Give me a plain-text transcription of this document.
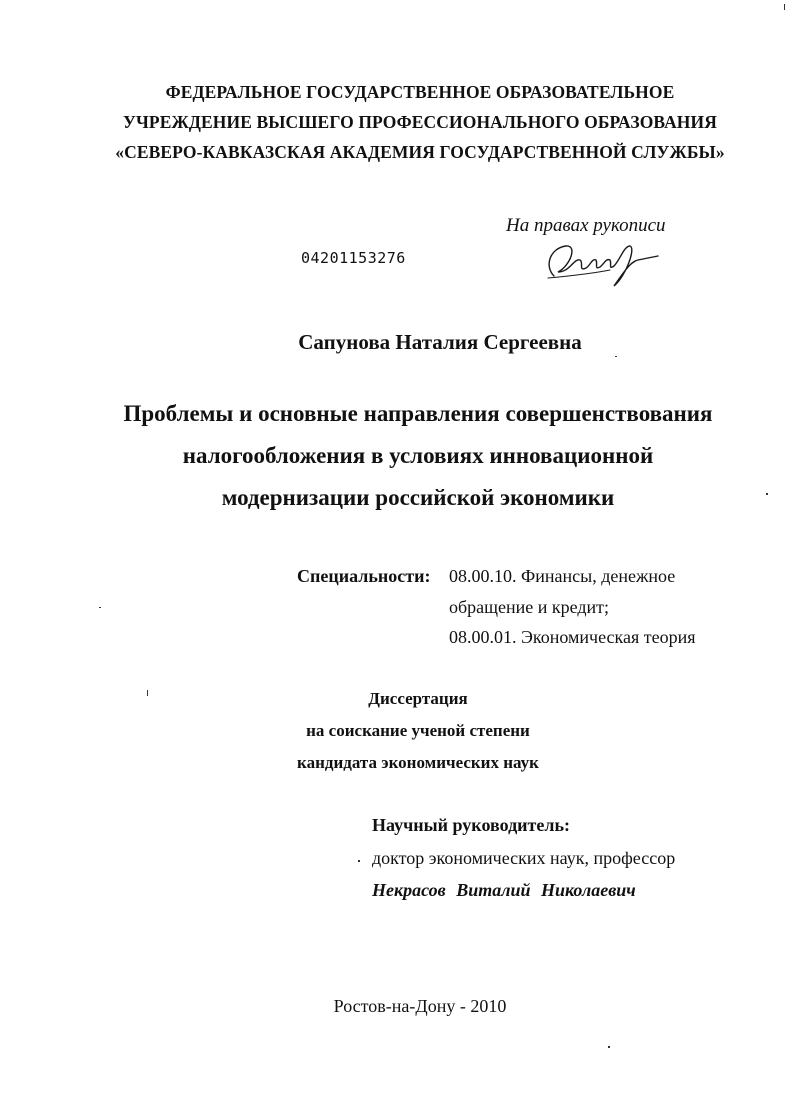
ФЕДЕРАЛЬНОЕ ГОСУДАРСТВЕННОЕ ОБРАЗОВАТЕЛЬНОЕ
УЧРЕЖДЕНИЕ ВЫСШЕГО ПРОФЕССИОНАЛЬНОГО ОБРАЗОВАНИЯ
«СЕВЕРО-КАВКАЗСКАЯ АКАДЕМИЯ ГОСУДАРСТВЕННОЙ СЛУЖБЫ»
На правах рукописи
04201153276
Сапунова Наталия Сергеевна
Проблемы и основные направления совершенствования
налогообложения в условиях инновационной
модернизации российской экономики
Специальности: 08.00.10. Финансы, денежное
обращение и кредит;
08.00.01. Экономическая теория
Диссертация
на соискание ученой степени
кандидата экономических наук
Научный руководитель:
доктор экономических наук, профессор
Некрасов Виталий Николаевич
Ростов-на-Дону - 2010
